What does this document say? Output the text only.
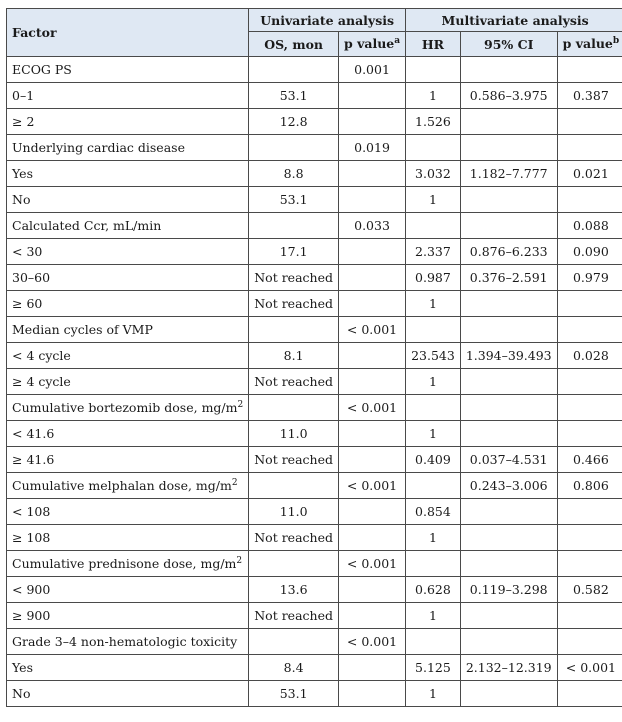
Factor	Univariate analysis		Multivariate analysis		
	OS, mon	p value$^a$	HR	95% CI	p value$^b$
ECOG PS		0.001			
0–1	53.1		1	0.586–3.975	0.387
≥ 2	12.8		1.526		
Underlying cardiac disease		0.019			
Yes	8.8		3.032	1.182–7.777	0.021
No	53.1		1		
Calculated Ccr, mL/min		0.033			0.088
< 30	17.1		2.337	0.876–6.233	0.090
30–60	Not reached		0.987	0.376–2.591	0.979
≥ 60	Not reached		1		
Median cycles of VMP		< 0.001			
< 4 cycle	8.1		23.543	1.394–39.493	0.028
≥ 4 cycle	Not reached		1		
Cumulative bortezomib dose, $mg/m^2$		< 0.001			
< 41.6	11.0		1		
≥ 41.6	Not reached		0.409	0.037–4.531	0.466
Cumulative melphalan dose, $mg/m^2$		< 0.001		0.243–3.006	0.806
< 108	11.0		0.854		
≥ 108	Not reached		1		
Cumulative prednisone dose, $mg/m^2$		< 0.001			
< 900	13.6		0.628	0.119–3.298	0.582
≥ 900	Not reached		1		
Grade 3–4 non-hematologic toxicity		< 0.001			
Yes	8.4		5.125	2.132–12.319	< 0.001
No	53.1		1		
